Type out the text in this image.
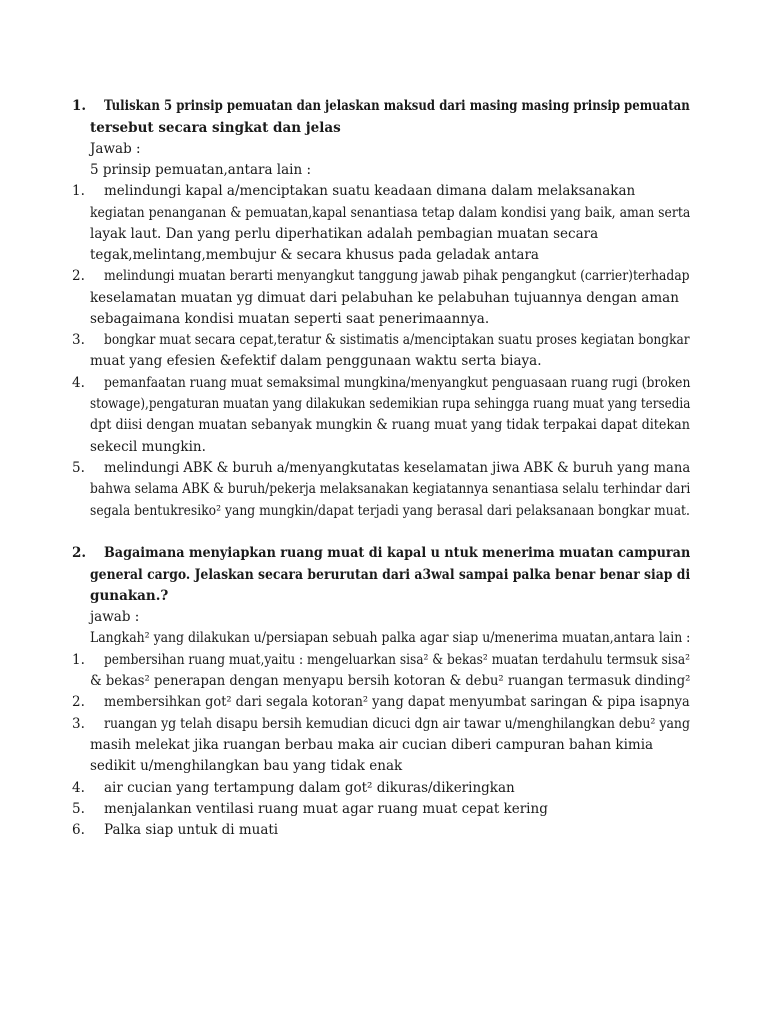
1. Tuliskan 5 prinsip pemuatan dan jelaskan maksud dari masing masing prinsip pemuatan
tersebut secara singkat dan jelas
Jawab :
5 prinsip pemuatan,antara lain :
1. melindungi kapal a/menciptakan suatu keadaan dimana dalam melaksanakan
kegiatan penanganan & pemuatan,kapal senantiasa tetap dalam kondisi yang baik, aman serta
layak laut. Dan yang perlu diperhatikan adalah pembagian muatan secara
tegak,melintang,membujur & secara khusus pada geladak antara
2. melindungi muatan berarti menyangkut tanggung jawab pihak pengangkut (carrier)terhadap
keselamatan muatan yg dimuat dari pelabuhan ke pelabuhan tujuannya dengan aman
sebagaimana kondisi muatan seperti saat penerimaannya.
3. bongkar muat secara cepat,teratur & sistimatis a/menciptakan suatu proses kegiatan bongkar
muat yang efesien &efektif dalam penggunaan waktu serta biaya.
4. pemanfaatan ruang muat semaksimal mungkina/menyangkut penguasaan ruang rugi (broken
stowage),pengaturan muatan yang dilakukan sedemikian rupa sehingga ruang muat yang tersedia
dpt diisi dengan muatan sebanyak mungkin & ruang muat yang tidak terpakai dapat ditekan
sekecil mungkin.
5. melindungi ABK & buruh a/menyangkutatas keselamatan jiwa ABK & buruh yang mana
bahwa selama ABK & buruh/pekerja melaksanakan kegiatannya senantiasa selalu terhindar dari
segala bentukresiko² yang mungkin/dapat terjadi yang berasal dari pelaksanaan bongkar muat.
2. Bagaimana menyiapkan ruang muat di kapal u ntuk menerima muatan campuran
general cargo. Jelaskan secara berurutan dari a3wal sampai palka benar benar siap di
gunakan.?
jawab :
Langkah² yang dilakukan u/persiapan sebuah palka agar siap u/menerima muatan,antara lain :
1. pembersihan ruang muat,yaitu : mengeluarkan sisa² & bekas² muatan terdahulu termsuk sisa²
& bekas² penerapan dengan menyapu bersih kotoran & debu² ruangan termasuk dinding²
2. membersihkan got² dari segala kotoran² yang dapat menyumbat saringan & pipa isapnya
3. ruangan yg telah disapu bersih kemudian dicuci dgn air tawar u/menghilangkan debu² yang
masih melekat jika ruangan berbau maka air cucian diberi campuran bahan kimia
sedikit u/menghilangkan bau yang tidak enak
4. air cucian yang tertampung dalam got² dikuras/dikeringkan
5. menjalankan ventilasi ruang muat agar ruang muat cepat kering
6. Palka siap untuk di muati
